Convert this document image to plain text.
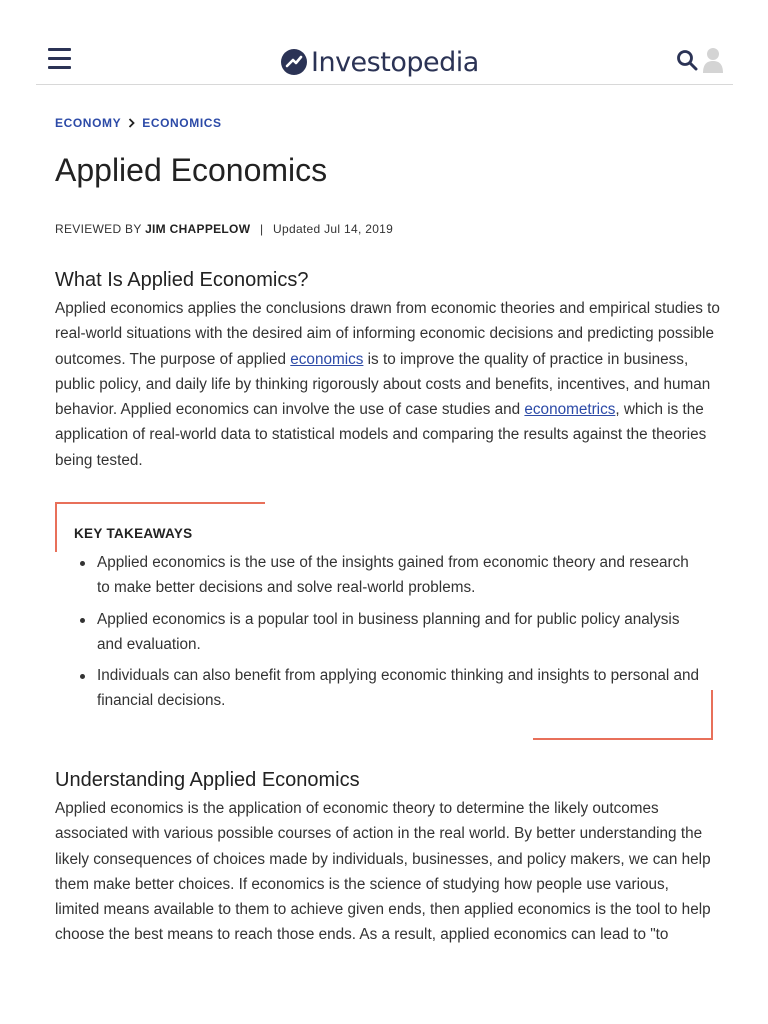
Investopedia
ECONOMY ECONOMICS
Applied Economics
REVIEWED BY JIM CHAPPELOW | Updated Jul 14, 2019
What Is Applied Economics?

Applied economics applies the conclusions drawn from economic theories and empirical studies to real-world situations with the desired aim of informing economic decisions and predicting possible outcomes. The purpose of applied economics is to improve the quality of practice in business, public policy, and daily life by thinking rigorously about costs and benefits, incentives, and human behavior. Applied economics can involve the use of case studies and econometrics, which is the application of real-world data to statistical models and comparing the results against the theories being tested.

KEY TAKEAWAYS
Applied economics is the use of the insights gained from economic theory and research to make better decisions and solve real-world problems.
Applied economics is a popular tool in business planning and for public policy analysis and evaluation.
Individuals can also benefit from applying economic thinking and insights to personal and financial decisions.
Understanding Applied Economics

Applied economics is the application of economic theory to determine the likely outcomes associated with various possible courses of action in the real world. By better understanding the likely consequences of choices made by individuals, businesses, and policy makers, we can help them make better choices. If economics is the science of studying how people use various, limited means available to them to achieve given ends, then applied economics is the tool to help choose the best means to reach those ends. As a result, applied economics can lead to "to
